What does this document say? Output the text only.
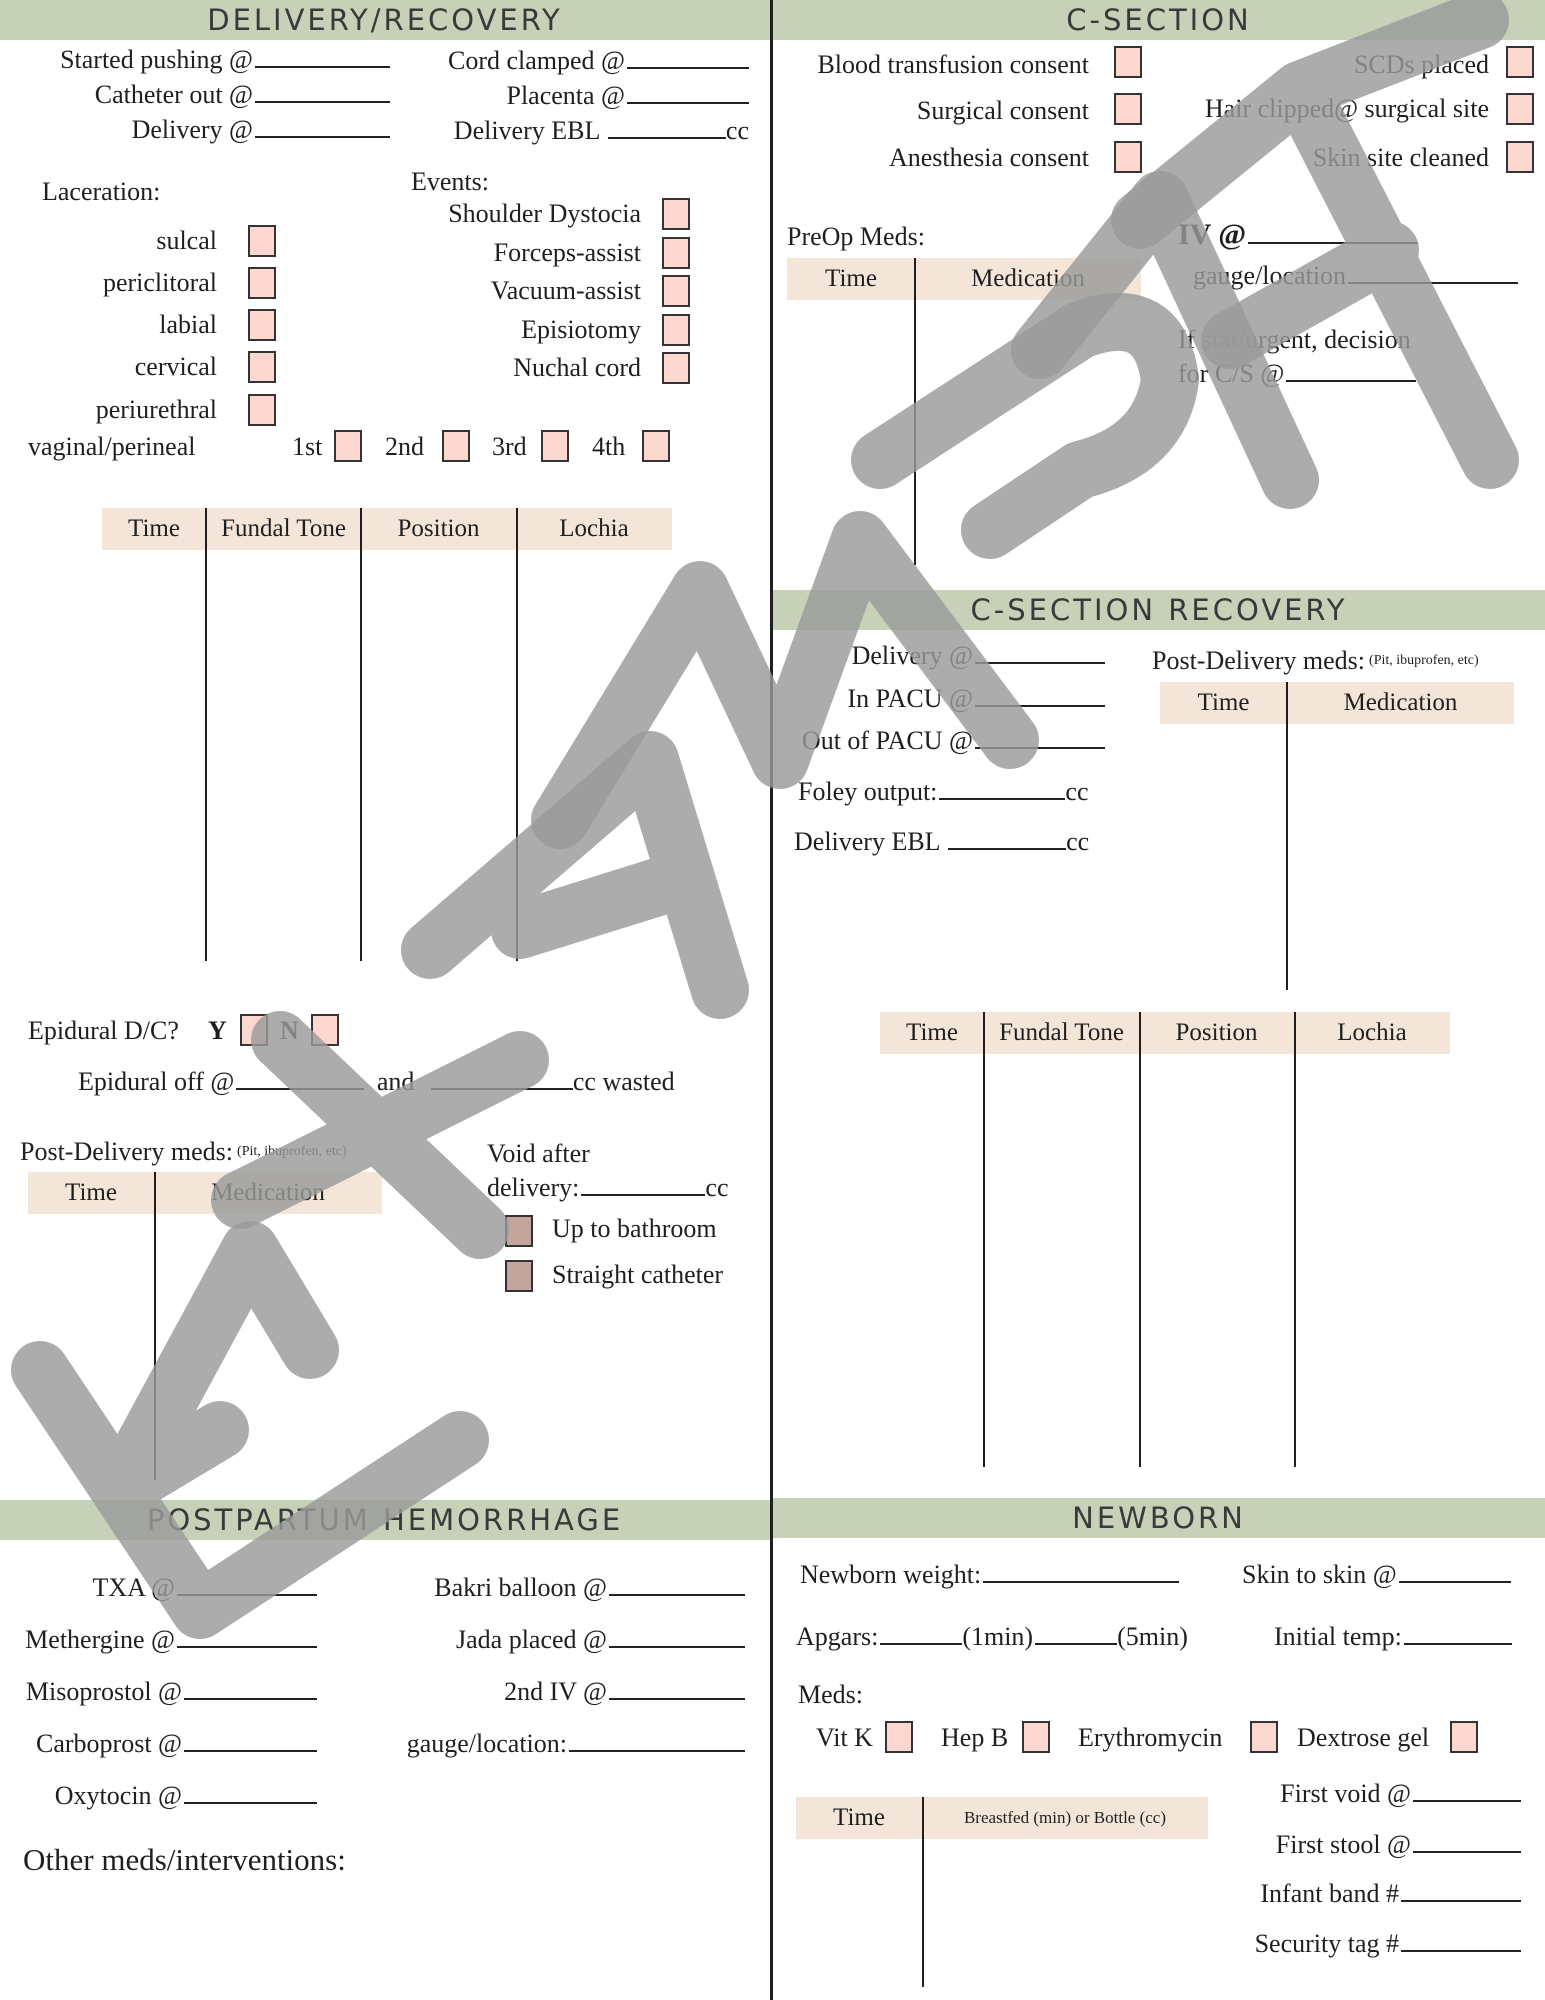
DELIVERY/RECOVERY
Started pushing @
Catheter out @
Delivery @
Cord clamped @
Placenta @
Delivery EBL	cc
Laceration:
sulcal
periclitoral
labial
cervical
periurethral
vaginal/perineal	1st 2nd	3rd	4th
Events:
Shoulder Dystocia
Forceps-assist
Vacuum-assist
Episiotomy
Nuchal cord
Time	Fundal Tone	Position	Lochia
Epidural D/C? Y N
Epidural off @	and	cc wasted
Post-Delivery meds: $^{(Pit, ibuprofen, etc)}$
Time	Medication
Void after
delivery:	cc
Up to bathroom
Straight catheter
C-SECTION
Blood transfusion consent
Surgical consent
Anesthesia consent
SCDs placed
Hair clipped@ surgical site
Skin site cleaned
PreOp Meds:
Time	Medication
IV @
gauge/location
If stat/urgent, decision
for C/S @
C-SECTION RECOVERY
Delivery @
In PACU @
Out of PACU @
Foley output:	cc
Delivery EBL	cc
Post-Delivery meds: $^{(Pit, ibuprofen, etc)}$
Time	Medication
Time	Fundal Tone	Position	Lochia
POSTPARTUM HEMORRHAGE
TXA @
Methergine @
Misoprostol @
Carboprost @
Oxytocin @
Bakri balloon @
Jada placed @
2nd IV @
gauge/location:
Other meds/interventions:
NEWBORN
Newborn weight:	Skin to skin @
Apgars:	(1min)	(5min)	Initial temp:
Meds:
Vit K	Hep B	Erythromycin	Dextrose gel
Time	Breastfed (min) or Bottle (cc)
First void @
First stool @
Infant band #
Security tag #
